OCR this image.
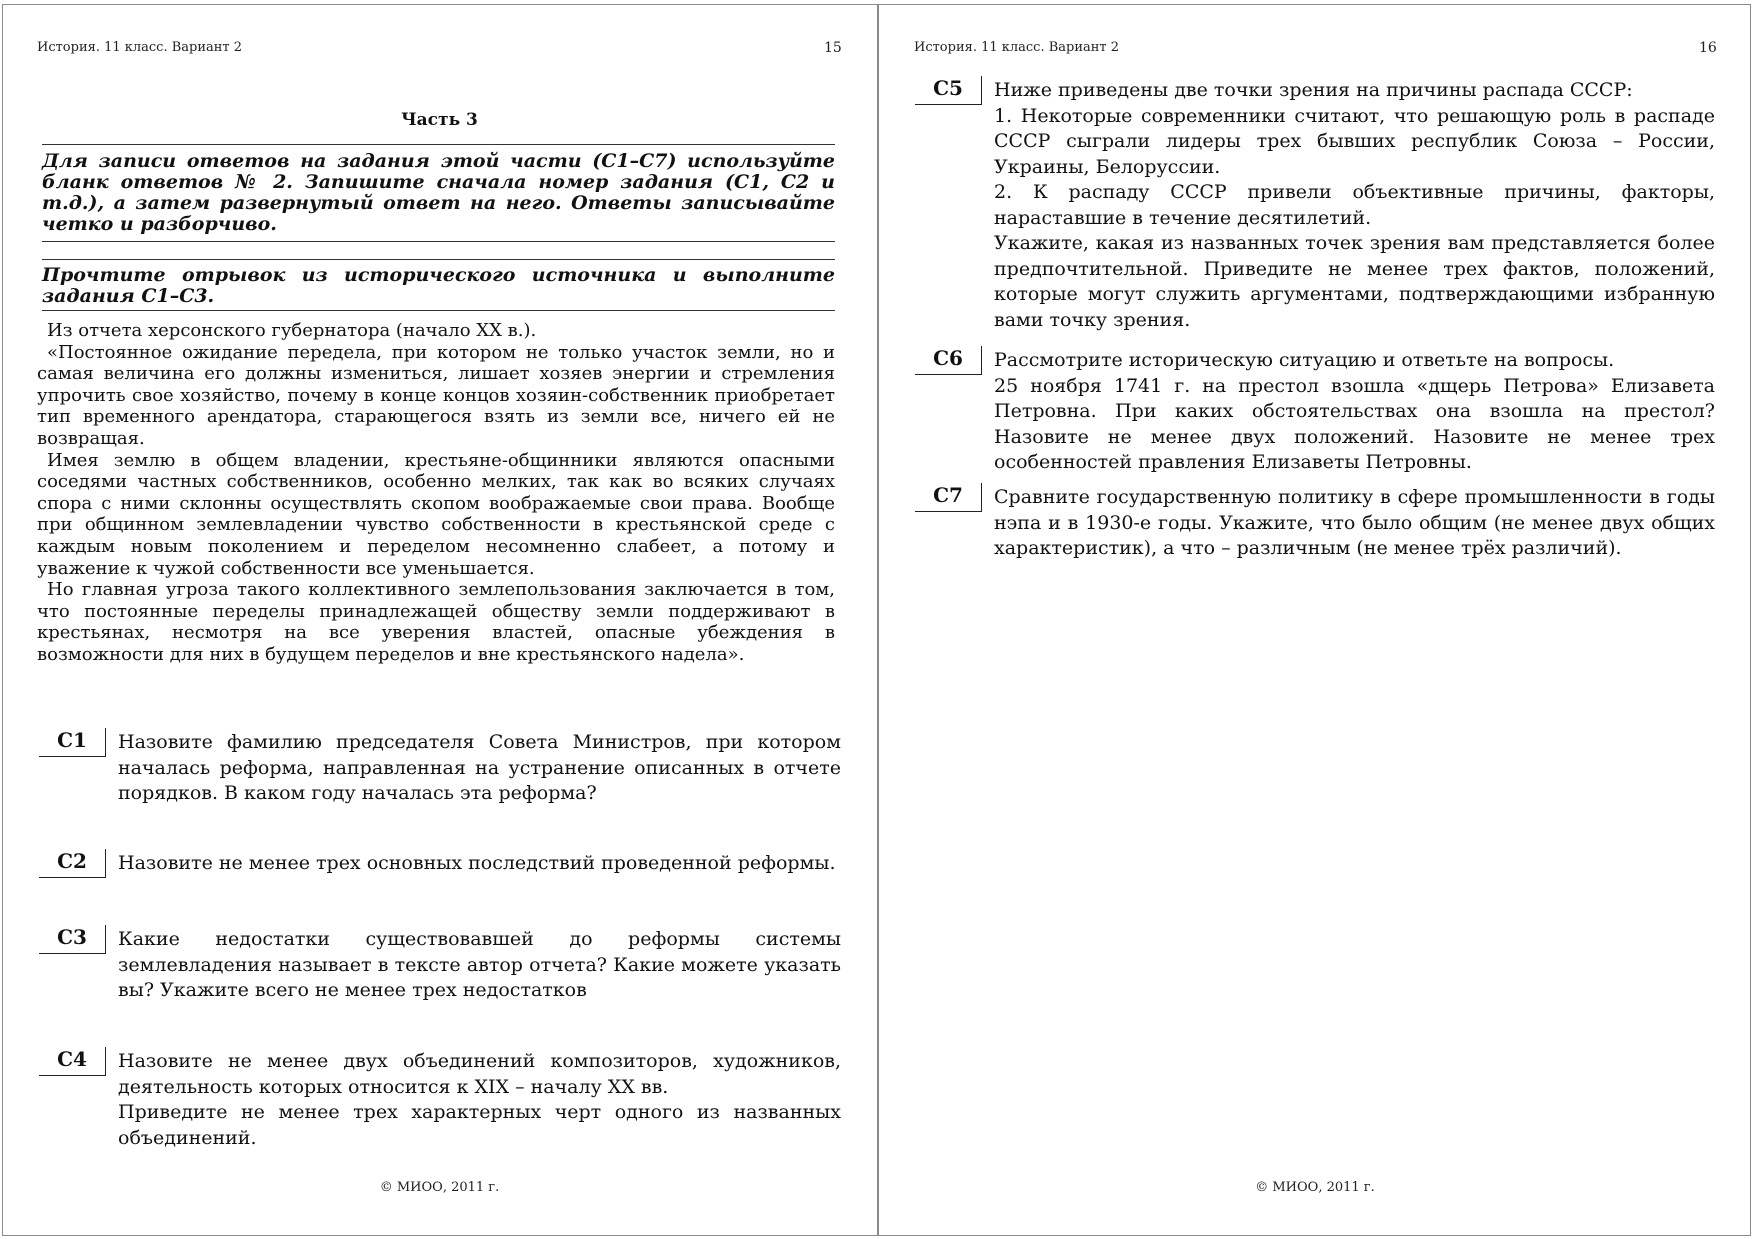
История. 11 класс. Вариант 2	15
Часть 3
Для записи ответов на задания этой части (С1–С7) используйте бланк ответов № 2. Запишите сначала номер задания (С1, С2 и т.д.), а затем развернутый ответ на него. Ответы записывайте четко и разборчиво.
Прочтите отрывок из исторического источника и выполните задания С1–С3.

Из отчета херсонского губернатора (начало XX в.).

«Постоянное ожидание передела, при котором не только участок земли, но и самая величина его должны измениться, лишает хозяев энергии и стремления упрочить свое хозяйство, почему в конце концов хозяин-собственник приобретает тип временного арендатора, старающегося взять из земли все, ничего ей не возвращая.

Имея землю в общем владении, крестьяне-общинники являются опасными соседями частных собственников, особенно мелких, так как во всяких случаях спора с ними склонны осуществлять скопом воображаемые свои права. Вообще при общинном землевладении чувство собственности в крестьянской среде с каждым новым поколением и переделом несомненно слабеет, а потому и уважение к чужой собственности все уменьшается.

Но главная угроза такого коллективного землепользования заключается в том, что постоянные переделы принадлежащей обществу земли поддерживают в крестьянах, несмотря на все уверения властей, опасные убеждения в возможности для них в будущем переделов и вне крестьянского надела».

С1	Назовите фамилию председателя Совета Министров, при котором началась реформа, направленная на устранение описанных в отчете порядков. В каком году началась эта реформа?

С2	Назовите не менее трех основных последствий проведенной реформы.

С3	Какие недостатки существовавшей до реформы системы землевладения называет в тексте автор отчета? Какие можете указать вы? Укажите всего не менее трех недостатков

С4	Назовите не менее двух объединений композиторов, художников, деятельность которых относится к XIX – началу XX вв.

Приведите не менее трех характерных черт одного из названных объединений.

© МИОО, 2011 г.
История. 11 класс. Вариант 2	16
С5	Ниже приведены две точки зрения на причины распада СССР:

1. Некоторые современники считают, что решающую роль в распаде СССР сыграли лидеры трех бывших республик Союза – России, Украины, Белоруссии.

2. К распаду СССР привели объективные причины, факторы, нараставшие в течение десятилетий.

Укажите, какая из названных точек зрения вам представляется более предпочтительной. Приведите не менее трех фактов, положений, которые могут служить аргументами, подтверждающими избранную вами точку зрения.

С6	Рассмотрите историческую ситуацию и ответьте на вопросы.

25 ноября 1741 г. на престол взошла «дщерь Петрова» Елизавета Петровна. При каких обстоятельствах она взошла на престол? Назовите не менее двух положений. Назовите не менее трех особенностей правления Елизаветы Петровны.

С7	Сравните государственную политику в сфере промышленности в годы нэпа и в 1930-е годы. Укажите, что было общим (не менее двух общих характеристик), а что – различным (не менее трёх различий).

© МИОО, 2011 г.
